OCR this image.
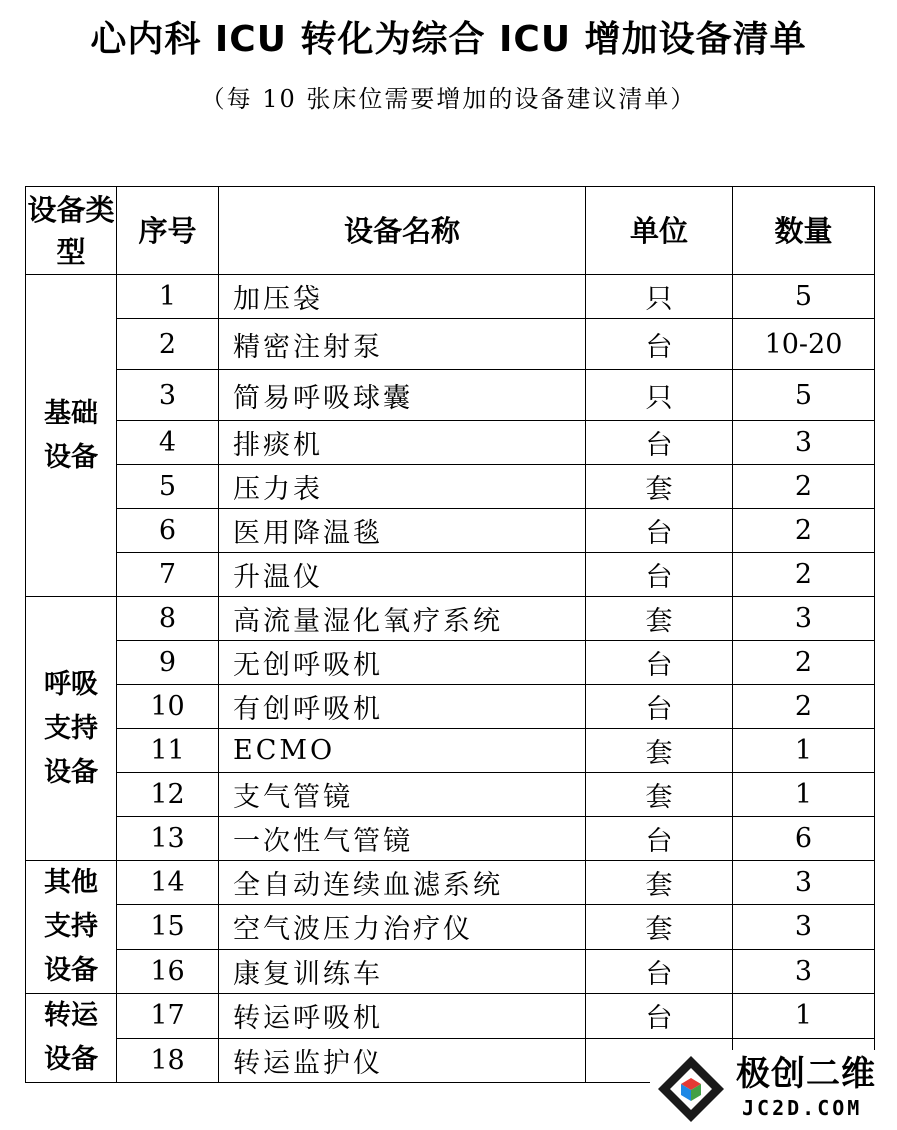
心内科 ICU 转化为综合 ICU 增加设备清单
（每 10 张床位需要增加的设备建议清单）
设备类型	序号	设备名称	单位	数量

基础设备	1	加压袋	只	5
	2	精密注射泵	台	10-20
	3	简易呼吸球囊	只	5
	4	排痰机	台	3
	5	压力表	套	2
	6	医用降温毯	台	2
	7	升温仪	台	2

呼吸支持设备	8	高流量湿化氧疗系统	套	3
	9	无创呼吸机	台	2
	10	有创呼吸机	台	2
	11	ECMO	套	1
	12	支气管镜	套	1
	13	一次性气管镜	台	6

其他支持设备	14	全自动连续血滤系统	套	3
	15	空气波压力治疗仪	套	3
	16	康复训练车	台	3

转运设备	17	转运呼吸机	台	1
	18	转运监护仪			极创二维
JC2D.COM
